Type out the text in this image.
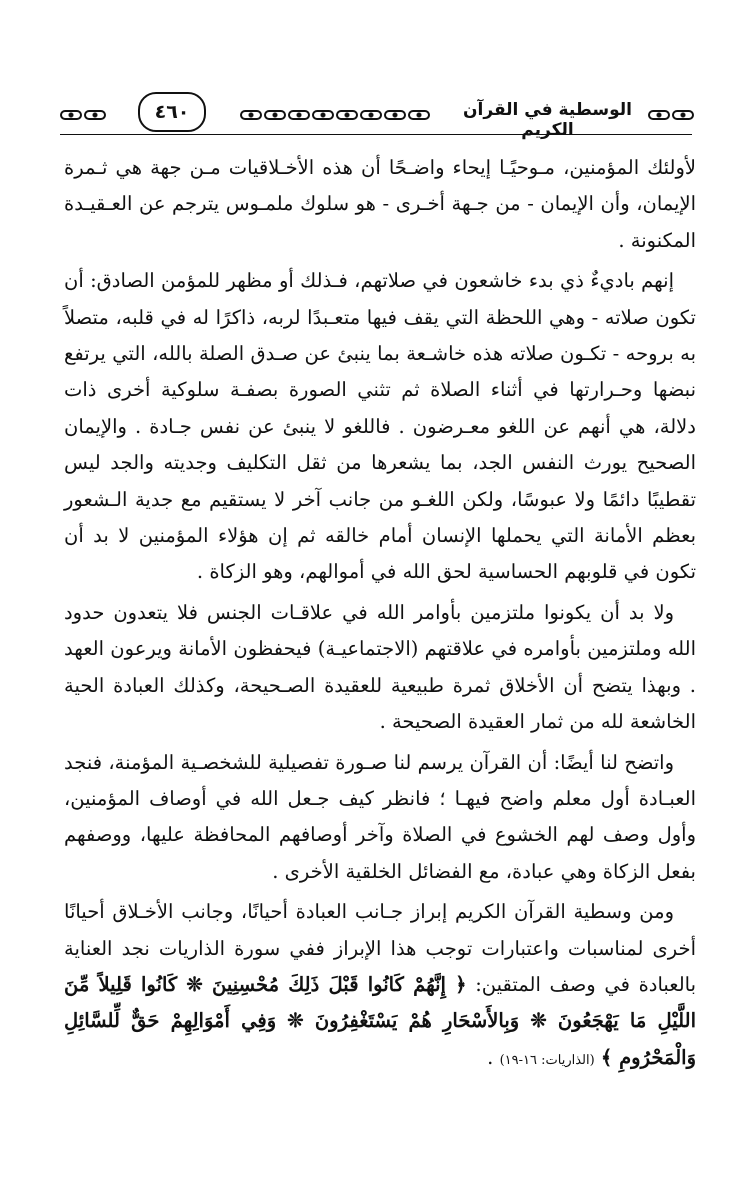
٤٦٠	الوسطية في القرآن الكريم

لأولئك المؤمنين، مـوحيًـا إيحاء واضـحًا أن هذه الأخـلاقيات مـن جهة هي ثـمرة الإيمان، وأن الإيمان - من جـهة أخـرى - هو سلوك ملمـوس يترجم عن العـقيـدة المكنونة .

إنهم باديءٌ ذي بدء خاشعون في صلاتهم، فـذلك أو مظهر للمؤمن الصادق: أن تكون صلاته - وهي اللحظة التي يقف فيها متعـبدًا لربه، ذاكرًا له في قلبه، متصلاً به بروحه - تكـون صلاته هذه خاشـعة بما ينبئ عن صـدق الصلة بالله، التي يرتفع نبضها وحـرارتها في أثناء الصلاة ثم تثني الصورة بصفـة سلوكية أخرى ذات دلالة، هي أنهم عن اللغو معـرضون . فاللغو لا ينبئ عن نفس جـادة . والإيمان الصحيح يورث النفس الجد، بما يشعرها من ثقل التكليف وجديته والجد ليس تقطيبًا دائمًا ولا عبوسًا، ولكن اللغـو من جانب آخر لا يستقيم مع جدية الـشعور بعظم الأمانة التي يحملها الإنسان أمام خالقه ثم إن هؤلاء المؤمنين لا بد أن تكون في قلوبهم الحساسية لحق الله في أموالهم، وهو الزكاة .

ولا بد أن يكونوا ملتزمين بأوامر الله في علاقـات الجنس فلا يتعدون حدود الله وملتزمين بأوامره في علاقتهم (الاجتماعيـة) فيحفظون الأمانة ويرعون العهد . وبهذا يتضح أن الأخلاق ثمرة طبيعية للعقيدة الصـحيحة، وكذلك العبادة الحية الخاشعة لله من ثمار العقيدة الصحيحة .

واتضح لنا أيضًا: أن القرآن يرسم لنا صـورة تفصيلية للشخصـية المؤمنة، فنجد العبـادة أول معلم واضح فيهـا ؛ فانظر كيف جـعل الله في أوصاف المؤمنين، وأول وصف لهم الخشوع في الصلاة وآخر أوصافهم المحافظة عليها، ووصفهم بفعل الزكاة وهي عبادة، مع الفضائل الخلقية الأخرى .

ومن وسطية القرآن الكريم إبراز جـانب العبادة أحيانًا، وجانب الأخـلاق أحيانًا أخرى لمناسبات واعتبارات توجب هذا الإبراز ففي سورة الذاريات نجد العناية بالعبادة في وصف المتقين: ﴿ إِنَّهُمْ كَانُوا قَبْلَ ذَلِكَ مُحْسِنِينَ ❊ كَانُوا قَلِيلاً مِّنَ اللَّيْلِ مَا يَهْجَعُونَ ❊ وَبِالأَسْحَارِ هُمْ يَسْتَغْفِرُونَ ❊ وَفِي أَمْوَالِهِمْ حَقٌّ لِّلسَّائِلِ وَالْمَحْرُومِ ﴾ (الذاريات: ١٦-١٩) .
